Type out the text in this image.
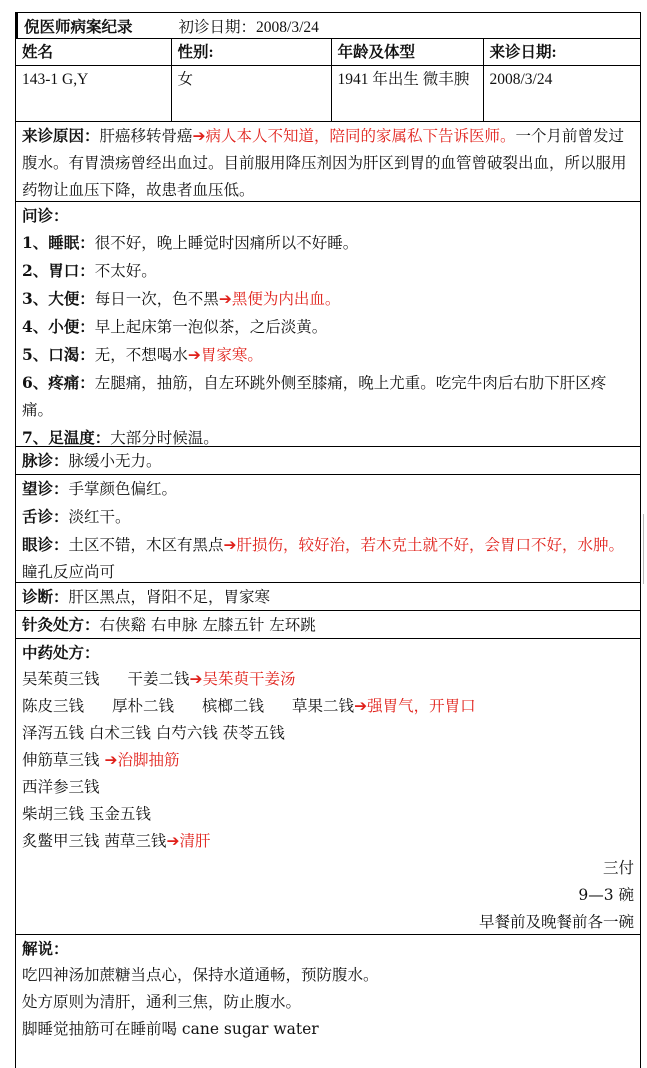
倪医师病案纪录	初诊日期：2008/3/24
姓名	性别:	年龄及体型	来诊日期:
143-1 G,Y	女	1941 年出生 微丰腴	2008/3/24
来诊原因：肝癌移转骨癌➔病人本人不知道，陪同的家属私下告诉医师。一个月前曾发过腹水。有胃溃疡曾经出血过。目前服用降压剂因为肝区到胃的血管曾破裂出血，所以服用药物让血压下降，故患者血压低。
问诊：
1、睡眠：很不好，晚上睡觉时因痛所以不好睡。
2、胃口：不太好。
3、大便：每日一次，色不黑➔黑便为内出血。
4、小便：早上起床第一泡似茶，之后淡黄。
5、口渴：无，不想喝水➔胃家寒。
6、疼痛：左腿痛，抽筋，自左环跳外侧至膝痛，晚上尤重。吃完牛肉后右肋下肝区疼痛。
7、足温度：大部分时候温。
脉诊：脉缓小无力。
望诊：手掌颜色偏红。
舌诊：淡红干。
眼诊：土区不错，木区有黑点➔肝损伤，较好治，若木克土就不好，会胃口不好，水肿。瞳孔反应尚可
诊断：肝区黑点，肾阳不足，胃家寒
针灸处方：右侠谿 右申脉 左膝五针 左环跳
中药处方：
吴茱萸三钱 干姜二钱➔吴茱萸干姜汤
陈皮三钱 厚朴二钱 槟榔二钱 草果二钱➔强胃气，开胃口
泽泻五钱 白术三钱 白芍六钱 茯苓五钱
伸筋草三钱 ➔治脚抽筋
西洋参三钱
柴胡三钱 玉金五钱
炙鳖甲三钱 茜草三钱➔清肝
三付
9—3 碗
早餐前及晚餐前各一碗
解说：
吃四神汤加蔗糖当点心，保持水道通畅，预防腹水。
处方原则为清肝，通利三焦，防止腹水。
脚睡觉抽筋可在睡前喝 cane sugar water
